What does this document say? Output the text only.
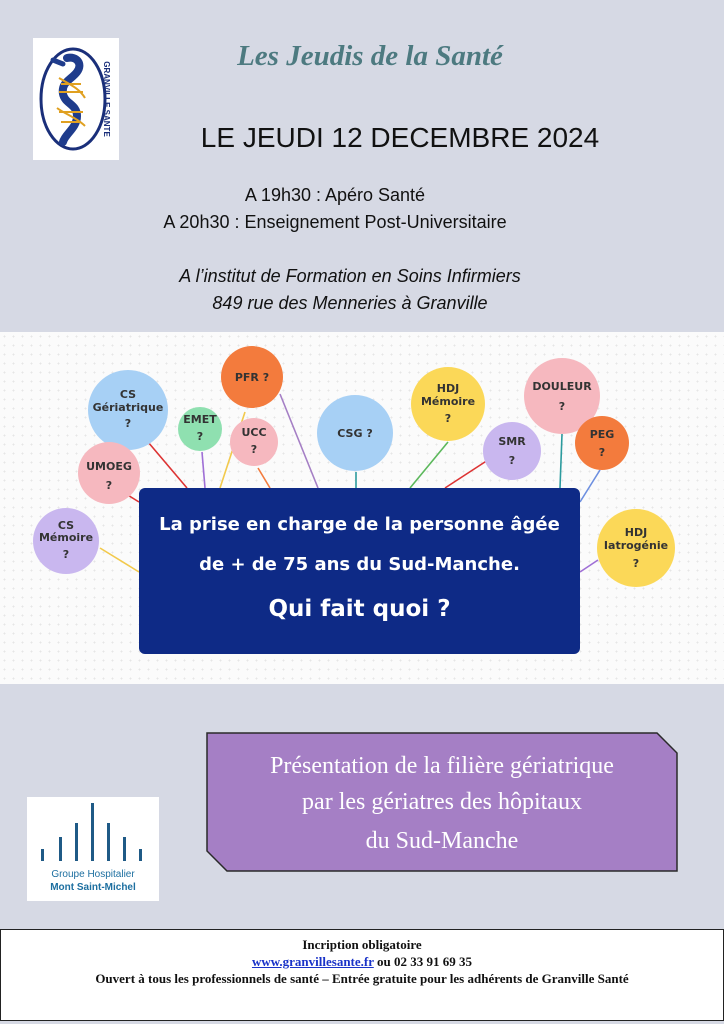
GRANVILLE SANTE
Les Jeudis de la Santé
LE JEUDI 12 DECEMBRE 2024
A 19h30 : Apéro Santé
A 20h30 : Enseignement Post-Universitaire
A l’institut de Formation en Soins Infirmiers
849 rue des Menneries à Granville
CS
Gériatrique
?	EMET
?
PFR ?
UCC
?
CSG ?
HDJ
Mémoire
?
SMR
?
DOULEUR
?
PEG
?
UMOEG
?
CS
Mémoire
?
HDJ
Iatrogénie
?
La prise en charge de la personne âgée
de + de 75 ans du Sud-Manche.
Qui fait quoi ?
Présentation de la filière gériatrique
par les gériatres des hôpitaux
du Sud-Manche
Groupe Hospitalier
Mont Saint-Michel
Incription obligatoire
www.granvillesante.fr ou 02 33 91 69 35
Ouvert à tous les professionnels de santé – Entrée gratuite pour les adhérents de Granville Santé
